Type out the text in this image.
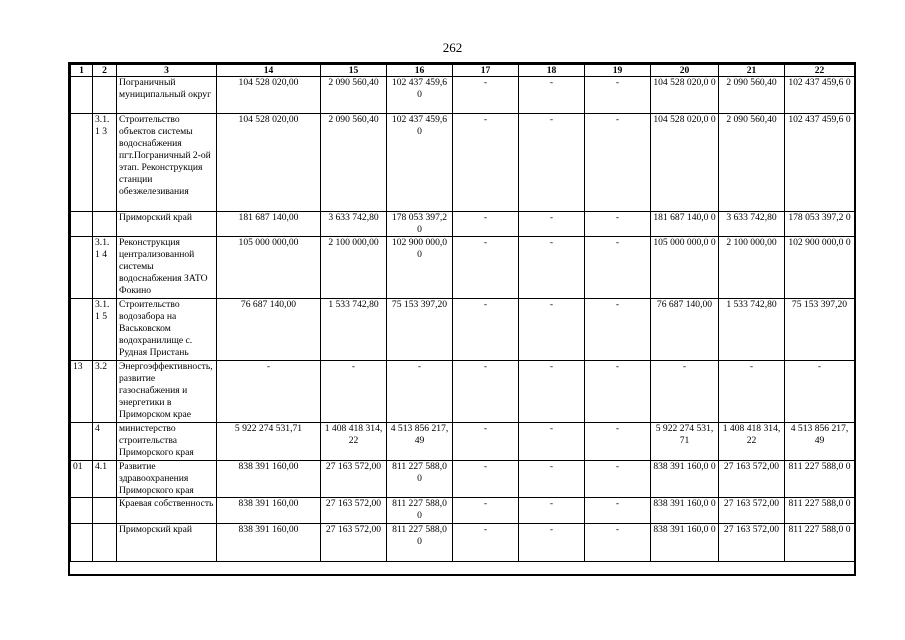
262
1	2	3	14	15	16	17	18	19	20	21	22
		Пограничный муниципальный округ	104 528 020,00	2 090 560,40	102 437 459,6 0	-	-	-	104 528 020,0 0	2 090 560,40	102 437 459,6 0
	3.1.1 3	Строительство объектов системы водоснабжения пгт.Пограничный 2-ой этап. Реконструкция станции обезжелезивания	104 528 020,00	2 090 560,40	102 437 459,6 0	-	-	-	104 528 020,0 0	2 090 560,40	102 437 459,6 0
		Приморский край	181 687 140,00	3 633 742,80	178 053 397,2 0	-	-	-	181 687 140,0 0	3 633 742,80	178 053 397,2 0
	3.1.1 4	Реконструкция централизованной системы водоснабжения ЗАТО Фокино	105 000 000,00	2 100 000,00	102 900 000,0 0	-	-	-	105 000 000,0 0	2 100 000,00	102 900 000,0 0
	3.1.1 5	Строительство водозабора на Васьковском водохранилище с. Рудная Пристань	76 687 140,00	1 533 742,80	75 153 397,20	-	-	-	76 687 140,00	1 533 742,80	75 153 397,20
13	3.2	Энергоэффективность, развитие газоснабжения и энергетики в Приморском крае	-	-	-	-	-	-	-	-	-
	4	министерство строительства Приморского края	5 922 274 531,71	1 408 418 314, 22	4 513 856 217, 49	-	-	-	5 922 274 531, 71	1 408 418 314, 22	4 513 856 217, 49
01	4.1	Развитие здравоохранения Приморского края	838 391 160,00	27 163 572,00	811 227 588,0 0	-	-	-	838 391 160,0 0	27 163 572,00	811 227 588,0 0
		Краевая собственность	838 391 160,00	27 163 572,00	811 227 588,0 0	-	-	-	838 391 160,0 0	27 163 572,00	811 227 588,0 0
		Приморский край	838 391 160,00	27 163 572,00	811 227 588,0 0	-	-	-	838 391 160,0 0	27 163 572,00	811 227 588,0 0
